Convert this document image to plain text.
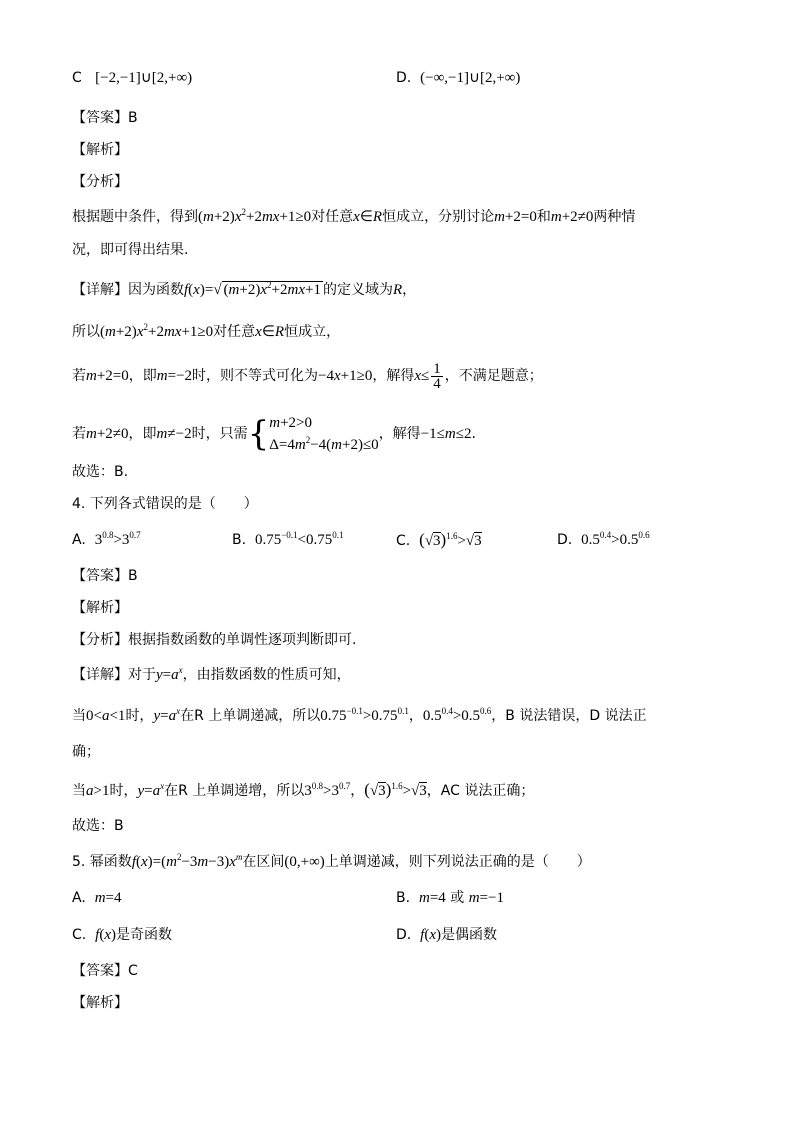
C [−2,−1]∪[2,+∞)	D. (−∞,−1]∪[2,+∞)
【答案】B
【解析】
【分析】
根据题中条件，得到$(m+2)x^2+2mx+1\ge 0$对任意x∈R恒成立，分别讨论m+2=0和m+2≠0两种情
况，即可得出结果.
【详解】因为函数f(x)=√ $(m+2)x^2+2mx+1$ 的定义域为R，
所以$(m+2)x^2+2mx+1\ge 0$对任意x∈R恒成立，
若m+2=0，即m=−2时，则不等式可化为−4x+1≥0，解得$x\le \frac{1}{4}$ ，不满足题意；
若m+2≠0，即m≠−2时，只需{ m+2>0
$\Delta=4m^2-4(m+2)\le 0$
，解得−1≤m≤2.
故选：B.
4. 下列各式错误的是（　　）
A. $3^{0.8}>3^{0.7}$	B. $0.75^{-0.1}<0.75^{0.1}$	C. $(√3)^{1.6}>√3$	D. $0.5^{0.4}>0.5^{0.6}$
【答案】B
【解析】
【分析】根据指数函数的单调性逐项判断即可.
【详解】对于$y=a^x$，由指数函数的性质可知，
当0<a<1时，$y=a^x$在R 上单调递减，所以$0.75^{-0.1}>0.75^{0.1}$，$0.5^{0.4}>0.5^{0.6}$，B 说法错误，D 说法正
确；
当a>1时，$y=a^x$在R 上单调递增，所以$3^{0.8}>3^{0.7}$，$(√3)^{1.6}>√3$，AC 说法正确；
故选：B
5. 幂函数$f(x)=(m^2-3m-3)x^m$在区间(0,+∞)上单调递减，则下列说法正确的是（　　）
A. m=4	B. m=4 或 m=−1
C. f(x)是奇函数	D. f(x)是偶函数
【答案】C
【解析】
